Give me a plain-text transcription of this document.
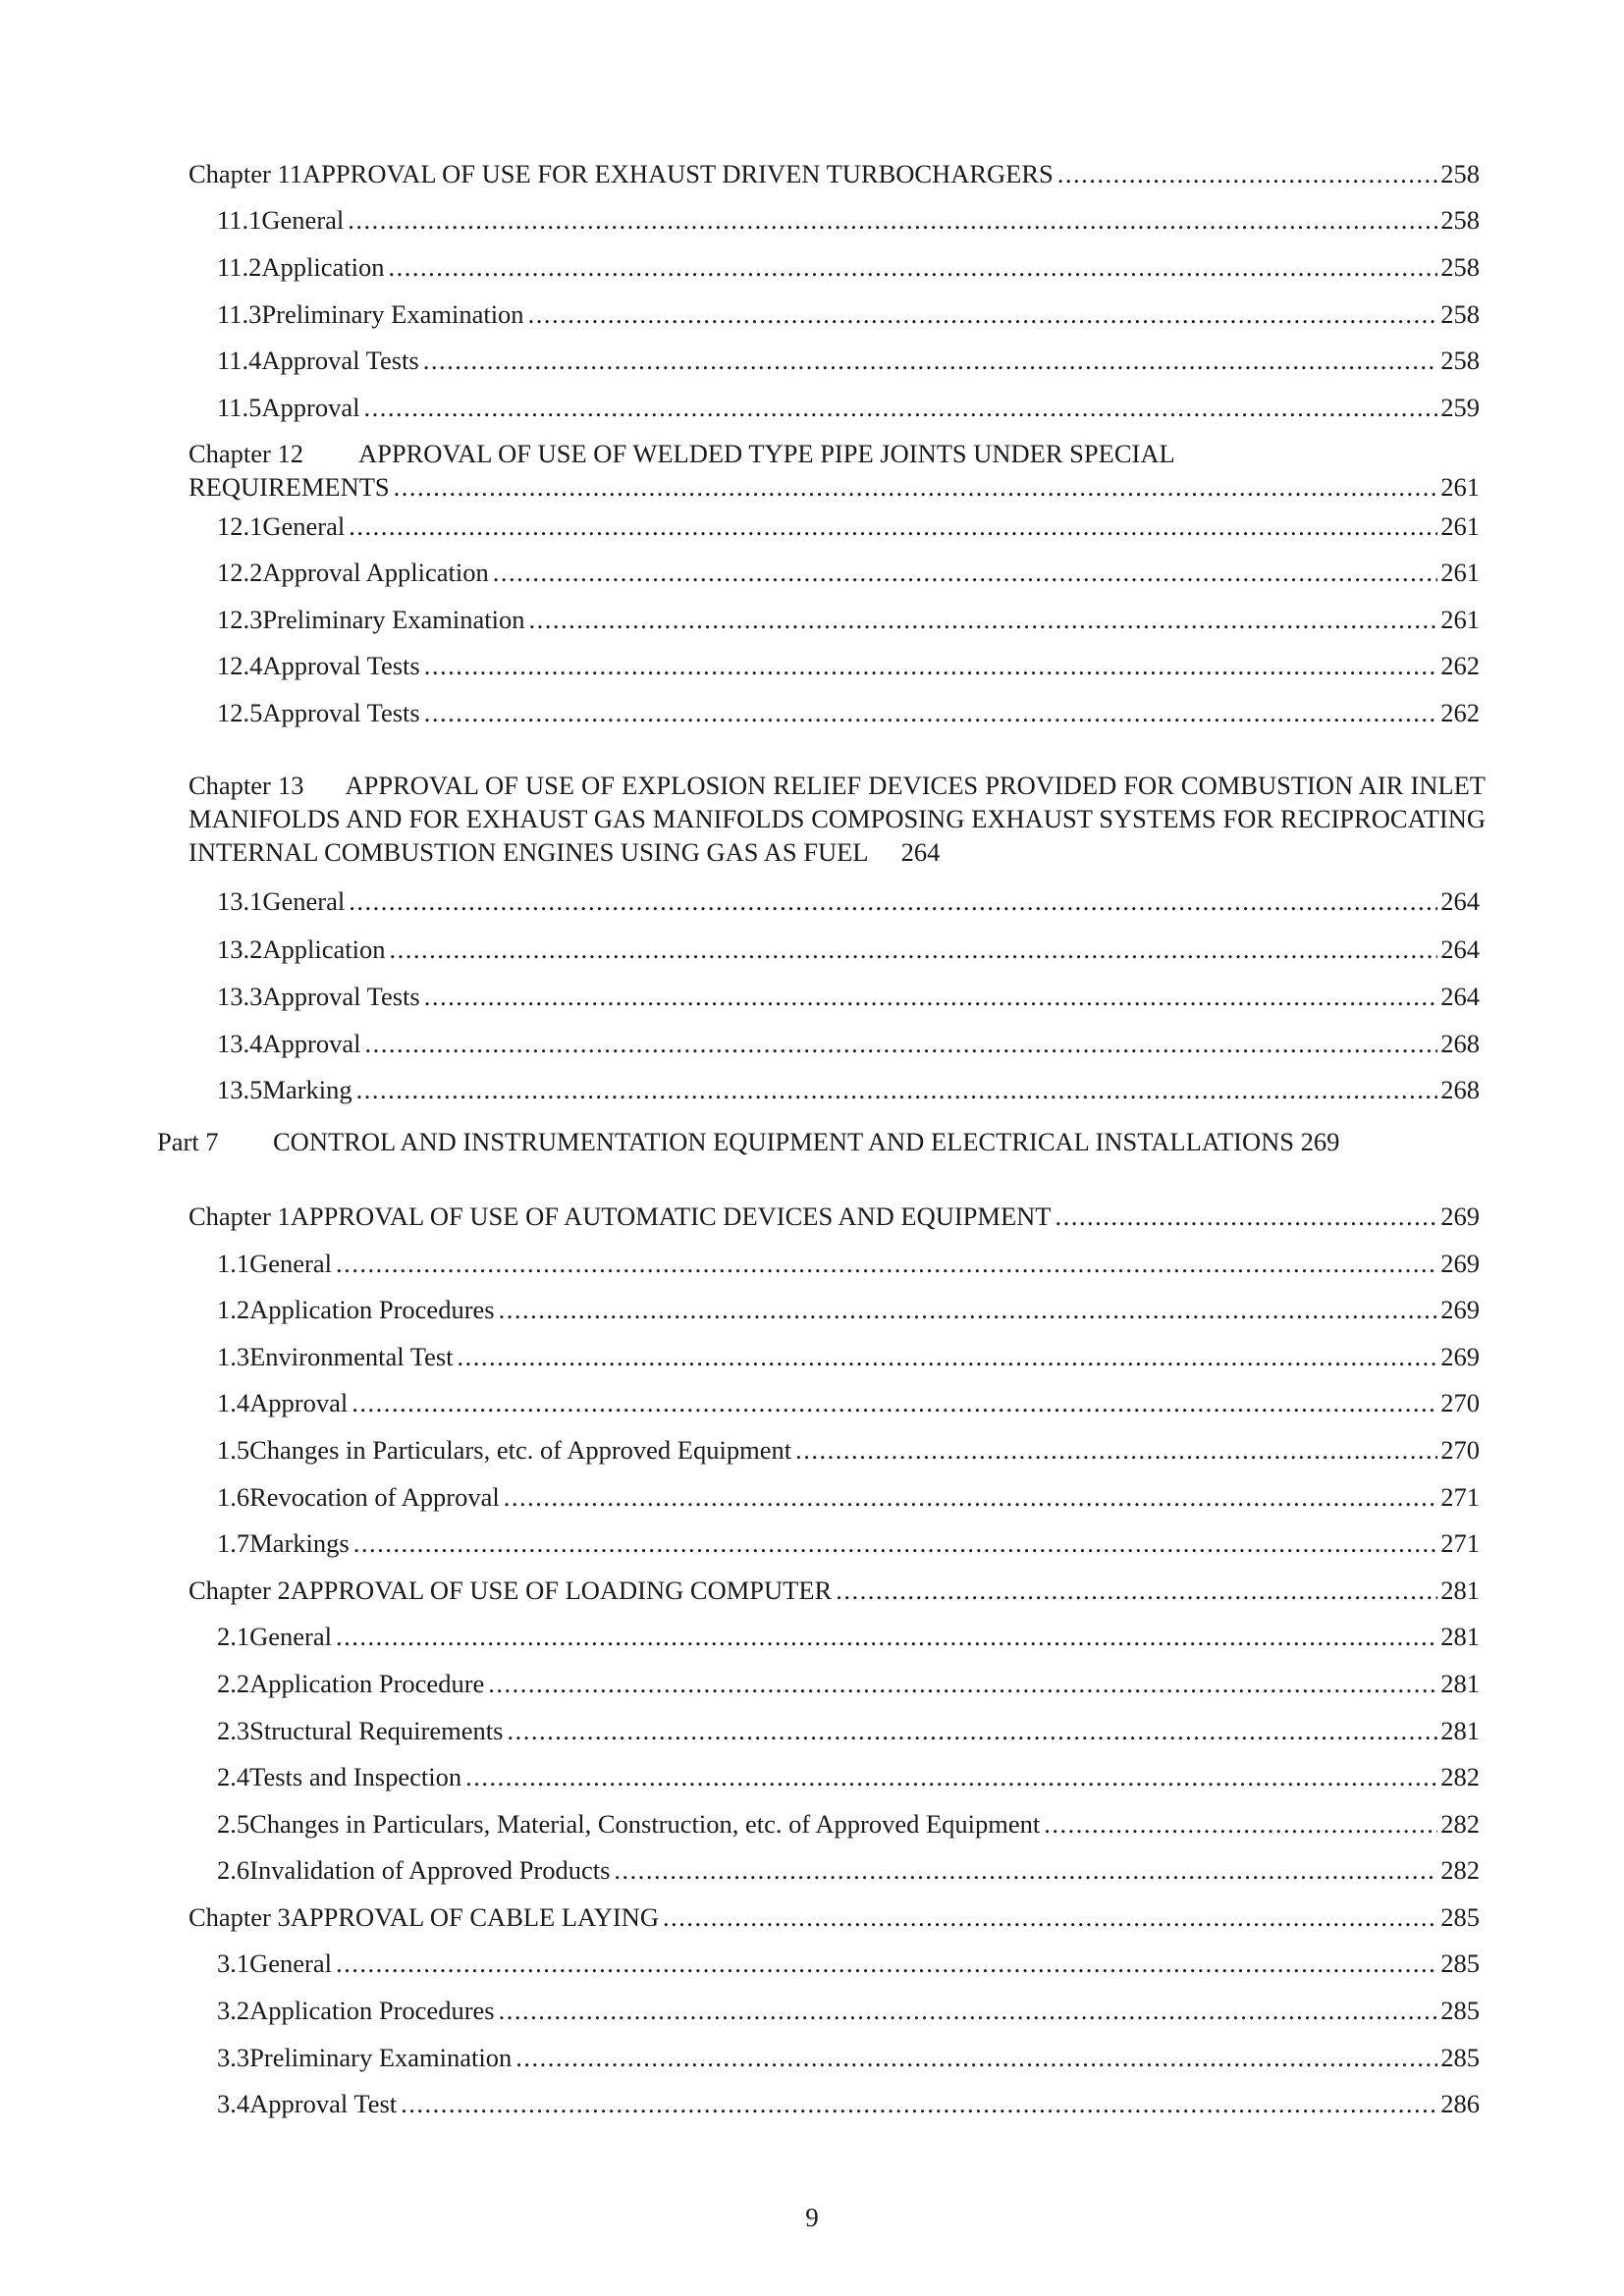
Chapter 11 APPROVAL OF USE FOR EXHAUST DRIVEN TURBOCHARGERS .....	258
11.1 General .....	258
11.2 Application .....	258
11.3 Preliminary Examination .....	258
11.4 Approval Tests .....	258
11.5 Approval .....	259
Chapter 12 APPROVAL OF USE OF WELDED TYPE PIPE JOINTS UNDER SPECIAL
REQUIREMENTS .....	261
12.1 General .....	261
12.2 Approval Application .....	261
12.3 Preliminary Examination .....	261
12.4 Approval Tests .....	262
12.5 Approval Tests .....	262
Chapter 13 APPROVAL OF USE OF EXPLOSION RELIEF DEVICES PROVIDED FOR COMBUSTION AIR INLET MANIFOLDS AND FOR EXHAUST GAS MANIFOLDS COMPOSING EXHAUST SYSTEMS FOR RECIPROCATING INTERNAL COMBUSTION ENGINES USING GAS AS FUEL 264
13.1 General .....	264
13.2 Application .....	264
13.3 Approval Tests .....	264
13.4 Approval .....	268
13.5 Marking .....	268
Part 7 CONTROL AND INSTRUMENTATION EQUIPMENT AND ELECTRICAL INSTALLATIONS 269
Chapter 1 APPROVAL OF USE OF AUTOMATIC DEVICES AND EQUIPMENT .....	269
1.1 General .....	269
1.2 Application Procedures .....	269
1.3 Environmental Test .....	269
1.4 Approval .....	270
1.5 Changes in Particulars, etc. of Approved Equipment .....	270
1.6 Revocation of Approval .....	271
1.7 Markings .....	271
Chapter 2 APPROVAL OF USE OF LOADING COMPUTER .....	281
2.1 General .....	281
2.2 Application Procedure .....	281
2.3 Structural Requirements .....	281
2.4 Tests and Inspection .....	282
2.5 Changes in Particulars, Material, Construction, etc. of Approved Equipment .....	282
2.6 Invalidation of Approved Products .....	282
Chapter 3 APPROVAL OF CABLE LAYING .....	285
3.1 General .....	285
3.2 Application Procedures .....	285
3.3 Preliminary Examination .....	285
3.4 Approval Test .....	286
9
